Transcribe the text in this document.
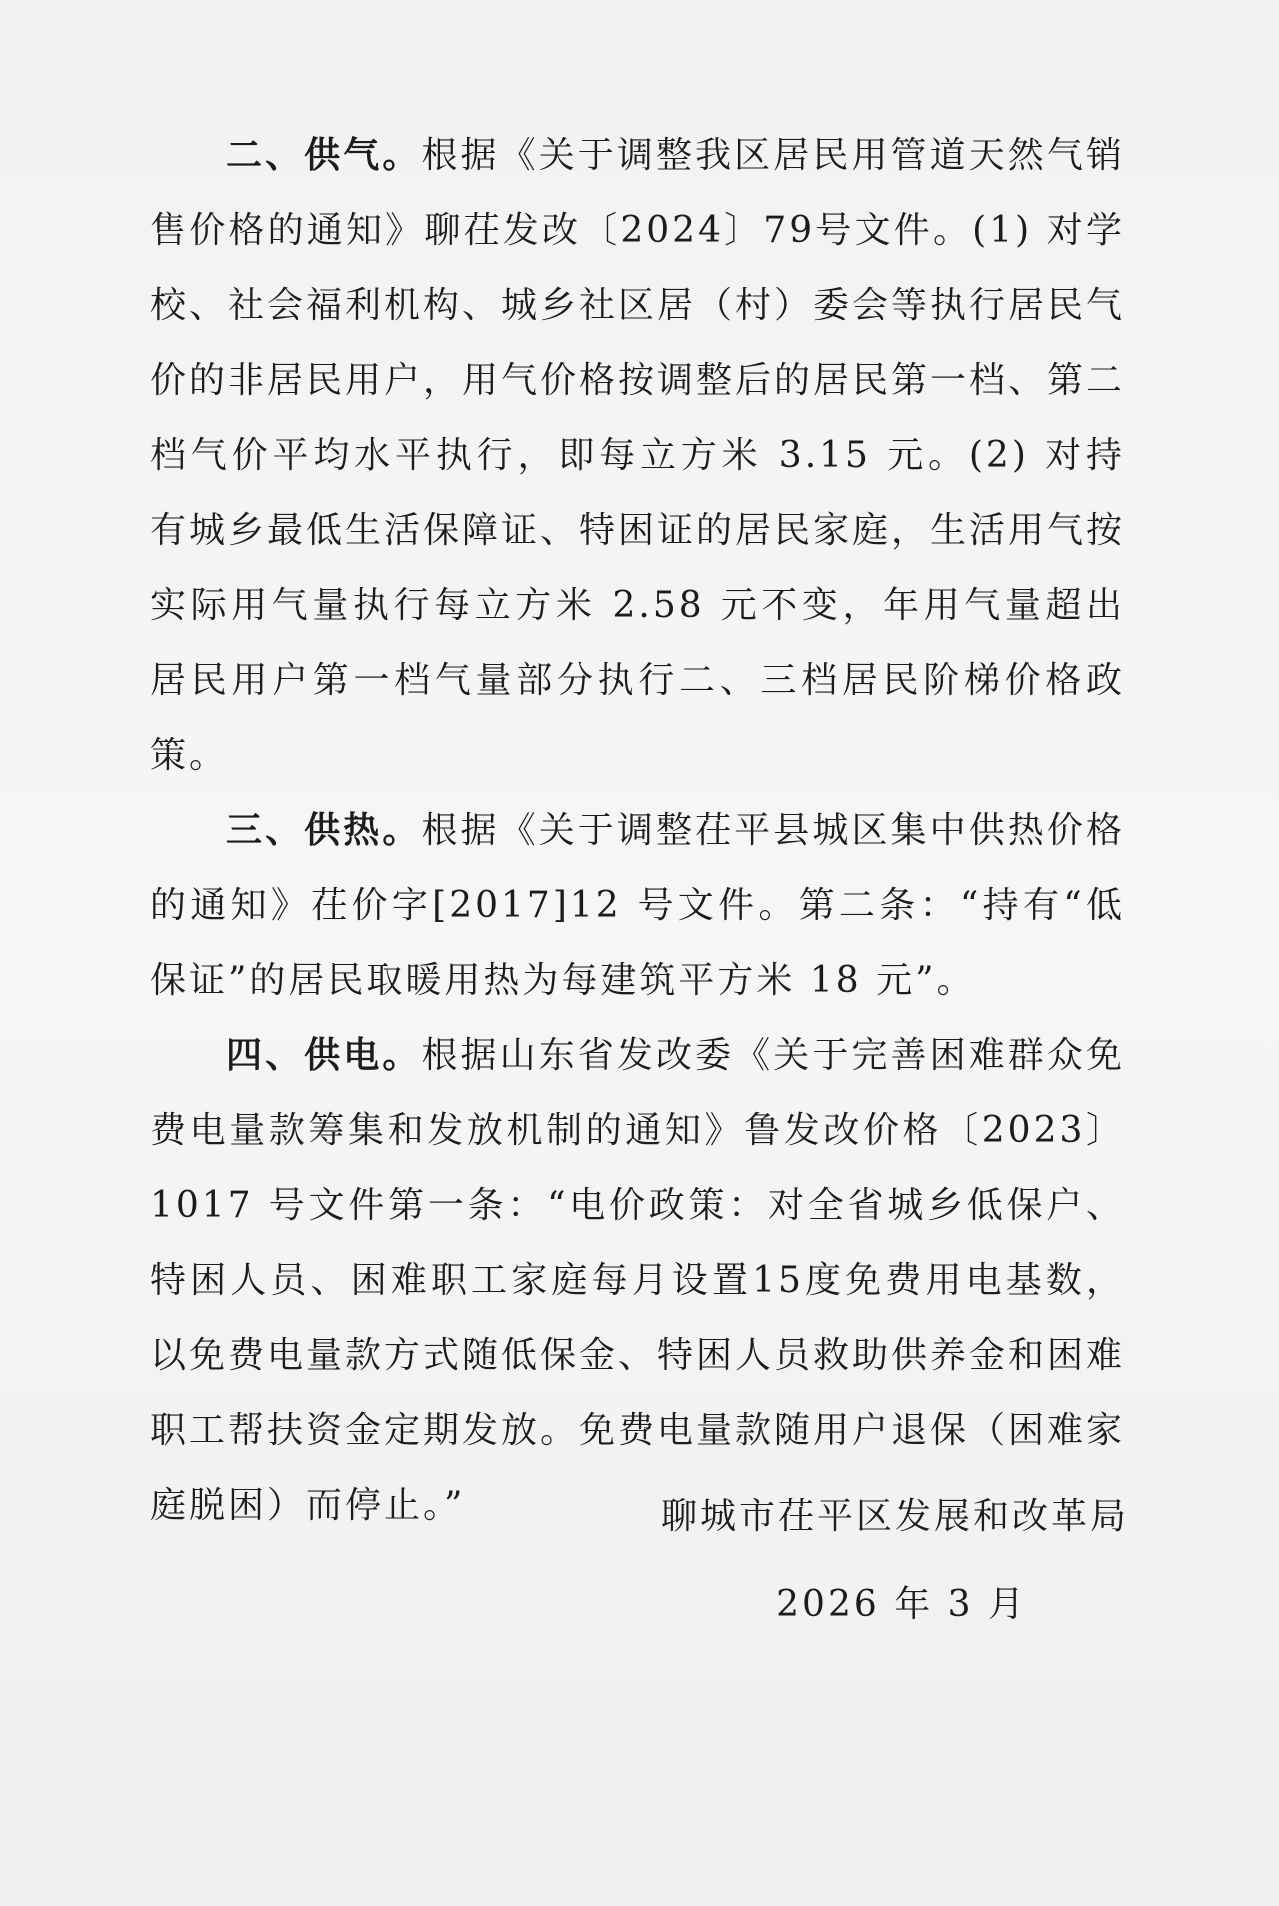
二、供气。根据《关于调整我区居民用管道天然气销售价格的通知》聊茌发改〔2024〕79号文件。(1) 对学校、社会福利机构、城乡社区居（村）委会等执行居民气价的非居民用户，用气价格按调整后的居民第一档、第二档气价平均水平执行，即每立方米 3.15 元。(2) 对持有城乡最低生活保障证、特困证的居民家庭，生活用气按实际用气量执行每立方米 2.58 元不变，年用气量超出居民用户第一档气量部分执行二、三档居民阶梯价格政策。

三、供热。根据《关于调整茌平县城区集中供热价格的通知》茌价字[2017]12 号文件。第二条：“持有“低保证”的居民取暖用热为每建筑平方米 18 元”。

四、供电。根据山东省发改委《关于完善困难群众免费电量款筹集和发放机制的通知》鲁发改价格〔2023〕1017 号文件第一条：“电价政策：对全省城乡低保户、特困人员、困难职工家庭每月设置15度免费用电基数，以免费电量款方式随低保金、特困人员救助供养金和困难职工帮扶资金定期发放。免费电量款随用户退保（困难家庭脱困）而停止。”	聊城市茌平区发展和改革局
2026 年 3 月
